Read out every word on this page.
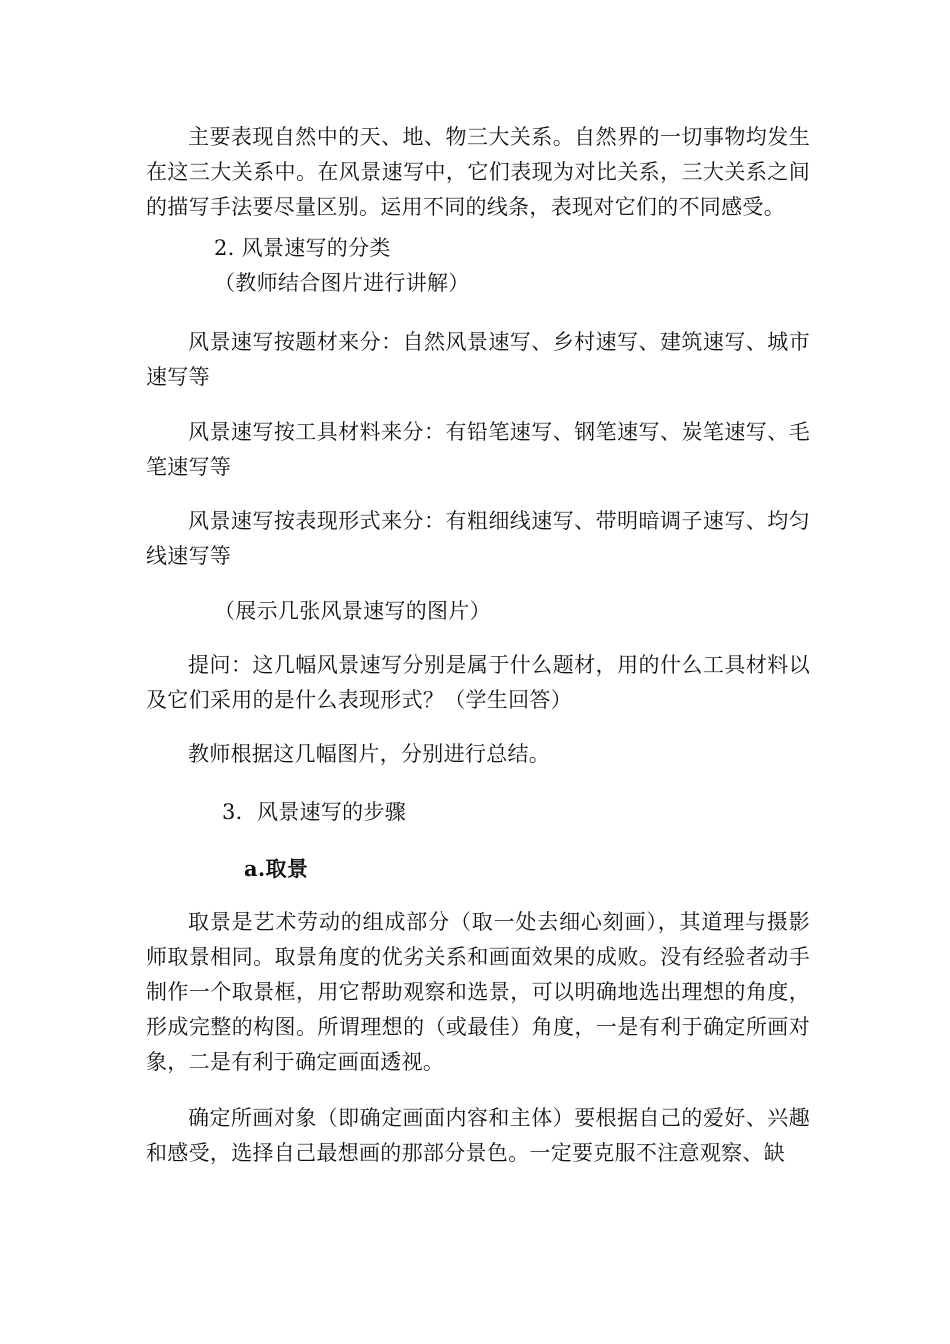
主要表现自然中的天、地、物三大关系。自然界的一切事物均发生在这三大关系中。在风景速写中，它们表现为对比关系，三大关系之间的描写手法要尽量区别。运用不同的线条，表现对它们的不同感受。

2. 风景速写的分类

（教师结合图片进行讲解）

风景速写按题材来分：自然风景速写、乡村速写、建筑速写、城市速写等

风景速写按工具材料来分：有铅笔速写、钢笔速写、炭笔速写、毛笔速写等

风景速写按表现形式来分：有粗细线速写、带明暗调子速写、均匀线速写等

（展示几张风景速写的图片）

提问：这几幅风景速写分别是属于什么题材，用的什么工具材料以及它们采用的是什么表现形式？（学生回答）

教师根据这几幅图片，分别进行总结。

3．风景速写的步骤

a.取景

取景是艺术劳动的组成部分（取一处去细心刻画），其道理与摄影师取景相同。取景角度的优劣关系和画面效果的成败。没有经验者动手制作一个取景框，用它帮助观察和选景，可以明确地选出理想的角度，形成完整的构图。所谓理想的（或最佳）角度，一是有利于确定所画对象，二是有利于确定画面透视。

确定所画对象（即确定画面内容和主体）要根据自己的爱好、兴趣和感受，选择自己最想画的那部分景色。一定要克服不注意观察、缺
